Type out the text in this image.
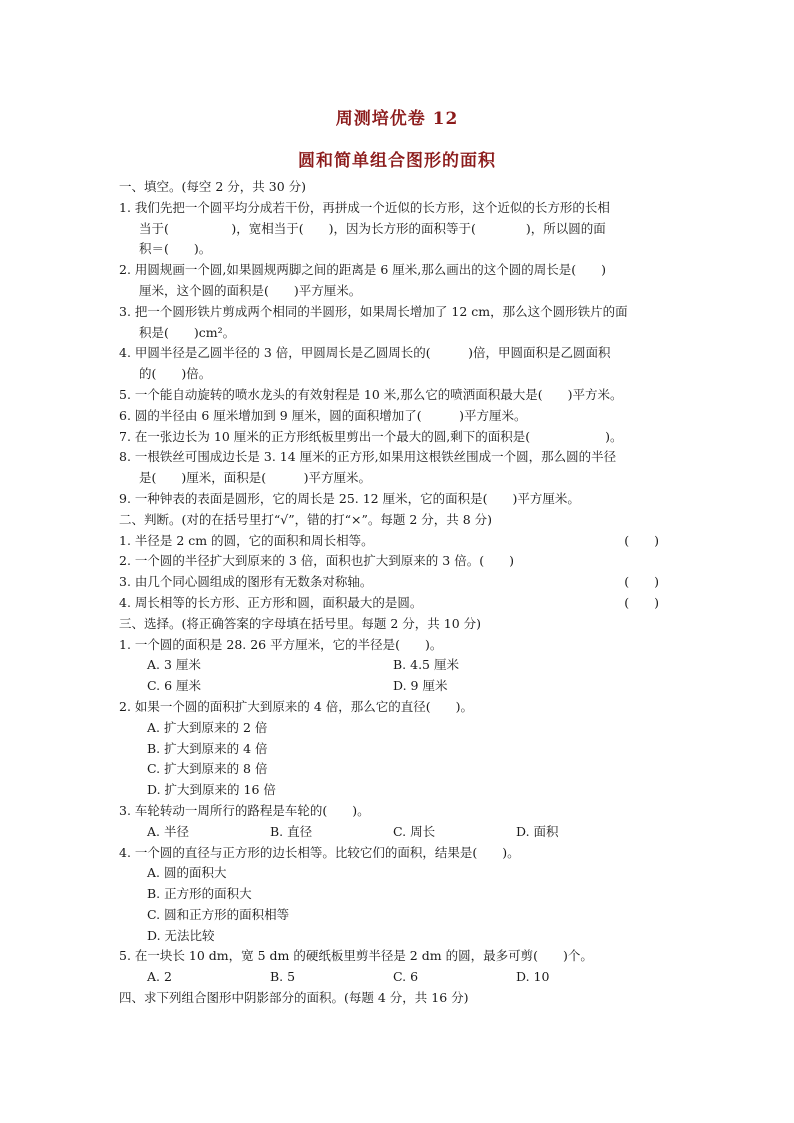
周测培优卷 12
圆和简单组合图形的面积
一、填空。(每空 2 分，共 30 分)
1. 我们先把一个圆平均分成若干份，再拼成一个近似的长方形，这个近似的长方形的长相
当于(　　　　　)，宽相当于(　　)，因为长方形的面积等于(　　　　)，所以圆的面
积＝(　　)。
2. 用圆规画一个圆,如果圆规两脚之间的距离是 6 厘米,那么画出的这个圆的周长是(　　)
厘米，这个圆的面积是(　　)平方厘米。
3. 把一个圆形铁片剪成两个相同的半圆形，如果周长增加了 12 cm，那么这个圆形铁片的面
积是(　　)cm²。
4. 甲圆半径是乙圆半径的 3 倍，甲圆周长是乙圆周长的(　　　)倍，甲圆面积是乙圆面积
的(　　)倍。
5. 一个能自动旋转的喷水龙头的有效射程是 10 米,那么它的喷洒面积最大是(　　)平方米。
6. 圆的半径由 6 厘米增加到 9 厘米，圆的面积增加了(　　　)平方厘米。
7. 在一张边长为 10 厘米的正方形纸板里剪出一个最大的圆,剩下的面积是(　　　　　　)。
8. 一根铁丝可围成边长是 3. 14 厘米的正方形,如果用这根铁丝围成一个圆，那么圆的半径
是(　　)厘米，面积是(　　　)平方厘米。
9. 一种钟表的表面是圆形，它的周长是 25. 12 厘米，它的面积是(　　)平方厘米。
二、判断。(对的在括号里打“√”，错的打“×”。每题 2 分，共 8 分)
1. 半径是 2 cm 的圆，它的面积和周长相等。	(　　)
2. 一个圆的半径扩大到原来的 3 倍，面积也扩大到原来的 3 倍。(　　)
3. 由几个同心圆组成的图形有无数条对称轴。	(　　)
4. 周长相等的长方形、正方形和圆，面积最大的是圆。	(　　)
三、选择。(将正确答案的字母填在括号里。每题 2 分，共 10 分)
1. 一个圆的面积是 28. 26 平方厘米，它的半径是(　　)。
A. 3 厘米	B. 4.5 厘米
C. 6 厘米	D. 9 厘米
2. 如果一个圆的面积扩大到原来的 4 倍，那么它的直径(　　)。
A. 扩大到原来的 2 倍
B. 扩大到原来的 4 倍
C. 扩大到原来的 8 倍
D. 扩大到原来的 16 倍
3. 车轮转动一周所行的路程是车轮的(　　)。
A. 半径	B. 直径	C. 周长	D. 面积
4. 一个圆的直径与正方形的边长相等。比较它们的面积，结果是(　　)。
A. 圆的面积大
B. 正方形的面积大
C. 圆和正方形的面积相等
D. 无法比较
5. 在一块长 10 dm，宽 5 dm 的硬纸板里剪半径是 2 dm 的圆，最多可剪(　　)个。
A. 2	B. 5	C. 6	D. 10
四、求下列组合图形中阴影部分的面积。(每题 4 分，共 16 分)
